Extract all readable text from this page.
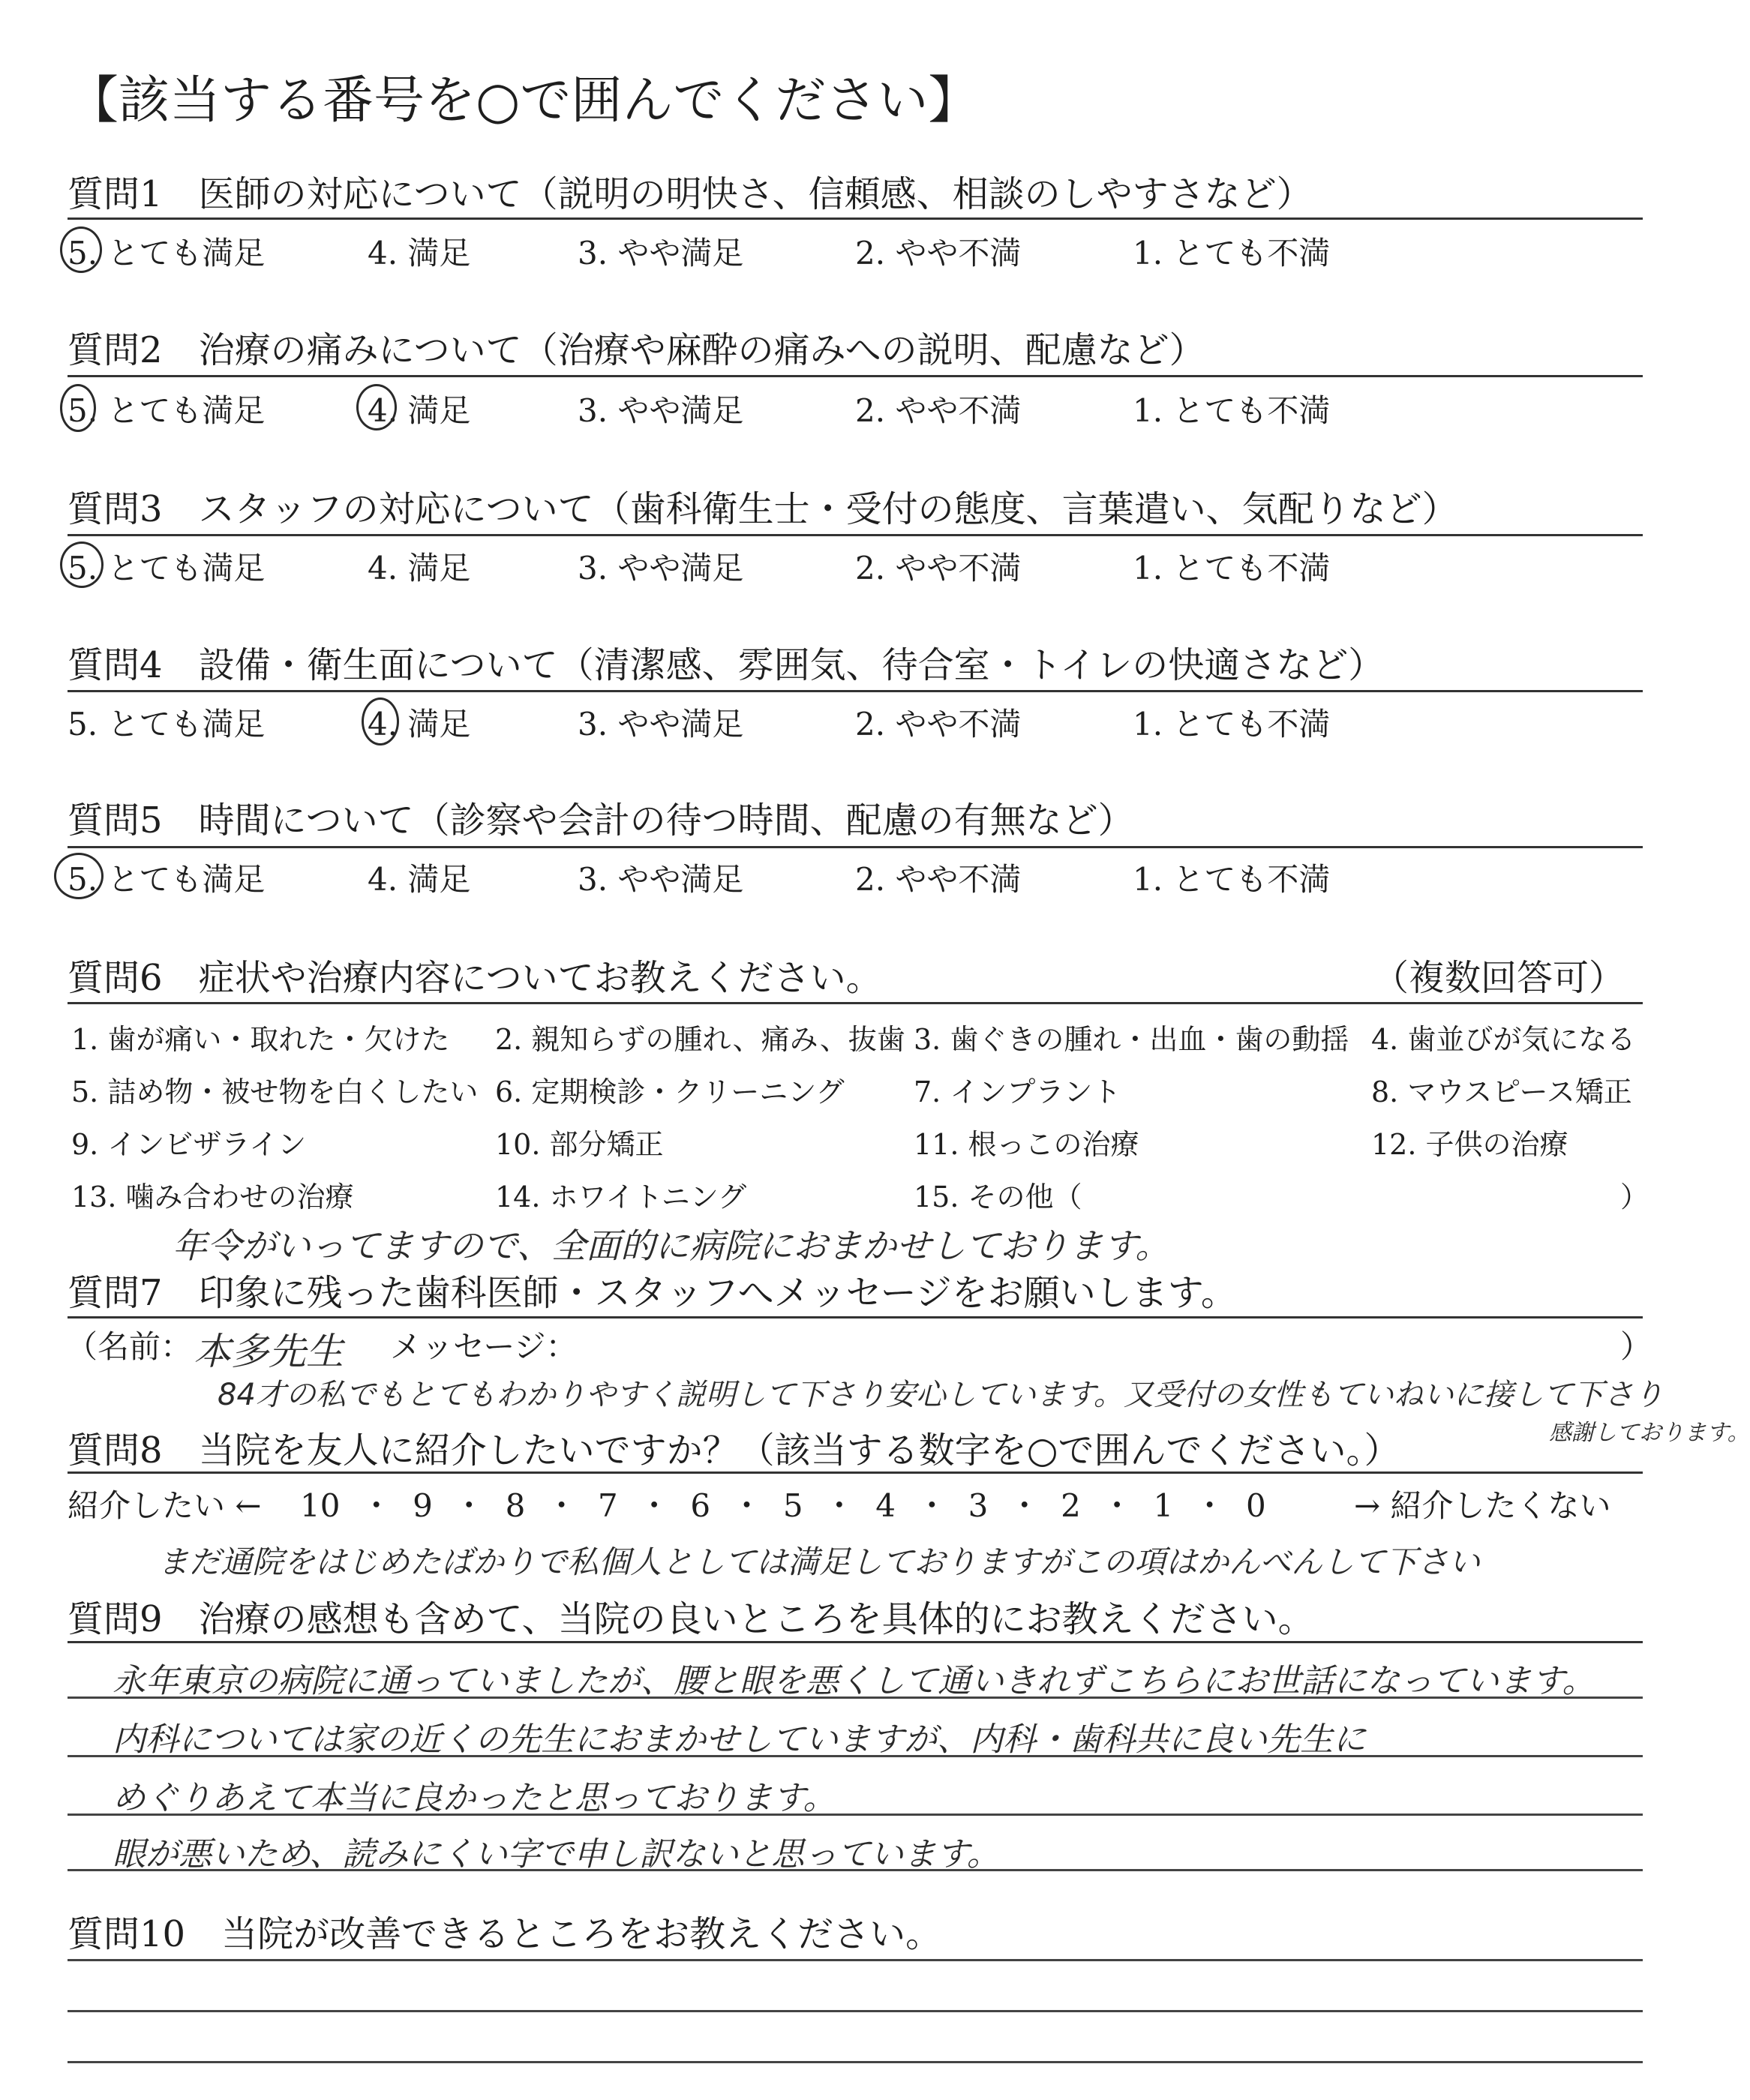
【該当する番号を○で囲んでください】
質問1　 医師の対応について（説明の明快さ、信頼感、相談のしやすさなど）
5. とても満足	4. 満足	3. やや満足	2. やや不満	1. とても不満
質問2　 治療の痛みについて（治療や麻酔の痛みへの説明、配慮など）
5. とても満足	4. 満足	3. やや満足	2. やや不満	1. とても不満
質問3　 スタッフの対応について（歯科衛生士・受付の態度、言葉遣い、気配りなど）
5. とても満足	4. 満足	3. やや満足	2. やや不満	1. とても不満
質問4　 設備・衛生面について（清潔感、雰囲気、待合室・トイレの快適さなど）
5. とても満足	4. 満足	3. やや満足	2. やや不満	1. とても不満
質問5　 時間について（診察や会計の待つ時間、配慮の有無など）
5. とても満足	4. 満足	3. やや満足	2. やや不満	1. とても不満
質問6　 症状や治療内容についてお教えください。	（複数回答可）
1. 歯が痛い・取れた・欠けた 2. 親知らずの腫れ、痛み、抜歯 3. 歯ぐきの腫れ・出血・歯の動揺 4. 歯並びが気になる
5. 詰め物・被せ物を白くしたい 6. 定期検診・クリーニング 7. インプラント	8. マウスピース矯正
9. インビザライン	10. 部分矯正	11. 根っこの治療	12. 子供の治療
13. 噛み合わせの治療	14. ホワイトニング	15. その他（	）
年令がいってますので、全面的に病院におまかせしております。
質問7　 印象に残った歯科医師・スタッフへメッセージをお願いします。
（名前： 本多先生 メッセージ：	）
84才の私でもとてもわかりやすく説明して下さり安心しています。又受付の女性もていねいに接して下さり
感謝しております。
質問8　 当院を友人に紹介したいですか？（該当する数字を○で囲んでください。）
紹介したい ← 10 ・ 9 ・ 8 ・ 7 ・ 6 ・ 5 ・ 4 ・ 3 ・ 2 ・ 1 ・ 0	→ 紹介したくない
まだ通院をはじめたばかりで私個人としては満足しておりますがこの項はかんべんして下さい
質問9　 治療の感想も含めて、当院の良いところを具体的にお教えください。
永年東京の病院に通っていましたが、腰と眼を悪くして通いきれずこちらにお世話になっています。
内科については家の近くの先生におまかせしていますが、内科・歯科共に良い先生に
めぐりあえて本当に良かったと思っております。
眼が悪いため、読みにくい字で申し訳ないと思っています。
質問10　 当院が改善できるところをお教えください。
